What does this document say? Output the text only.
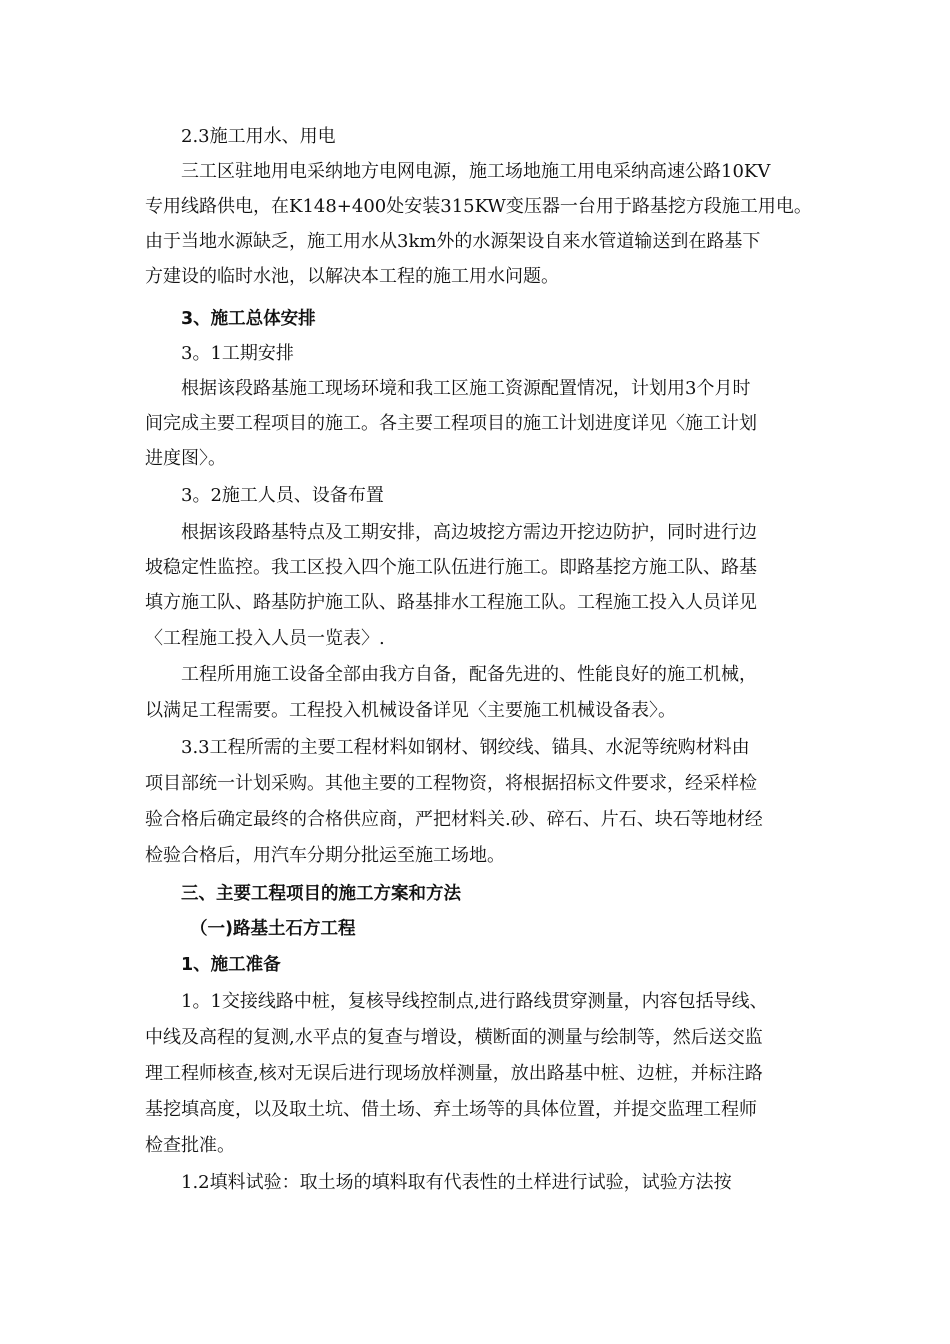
2.3施工用水、用电
三工区驻地用电采纳地方电网电源，施工场地施工用电采纳高速公路10KV
专用线路供电，在K148+400处安装315KW变压器一台用于路基挖方段施工用电。
由于当地水源缺乏，施工用水从3km外的水源架设自来水管道输送到在路基下
方建设的临时水池，以解决本工程的施工用水问题。
3、施工总体安排
3。1工期安排
根据该段路基施工现场环境和我工区施工资源配置情况，计划用3个月时
间完成主要工程项目的施工。各主要工程项目的施工计划进度详见〈施工计划
进度图〉。
3。2施工人员、设备布置
根据该段路基特点及工期安排，高边坡挖方需边开挖边防护，同时进行边
坡稳定性监控。我工区投入四个施工队伍进行施工。即路基挖方施工队、路基
填方施工队、路基防护施工队、路基排水工程施工队。工程施工投入人员详见
〈工程施工投入人员一览表〉.
工程所用施工设备全部由我方自备，配备先进的、性能良好的施工机械，
以满足工程需要。工程投入机械设备详见〈主要施工机械设备表〉。
3.3工程所需的主要工程材料如钢材、钢绞线、锚具、水泥等统购材料由
项目部统一计划采购。其他主要的工程物资，将根据招标文件要求，经采样检
验合格后确定最终的合格供应商，严把材料关.砂、碎石、片石、块石等地材经
检验合格后，用汽车分期分批运至施工场地。
三、主要工程项目的施工方案和方法
（一)路基土石方工程
1、施工准备
1。1交接线路中桩，复核导线控制点,进行路线贯穿测量，内容包括导线、
中线及高程的复测,水平点的复查与增设，横断面的测量与绘制等，然后送交监
理工程师核查,核对无误后进行现场放样测量，放出路基中桩、边桩，并标注路
基挖填高度，以及取土坑、借土场、弃土场等的具体位置，并提交监理工程师
检查批准。
1.2填料试验：取土场的填料取有代表性的土样进行试验，试验方法按
